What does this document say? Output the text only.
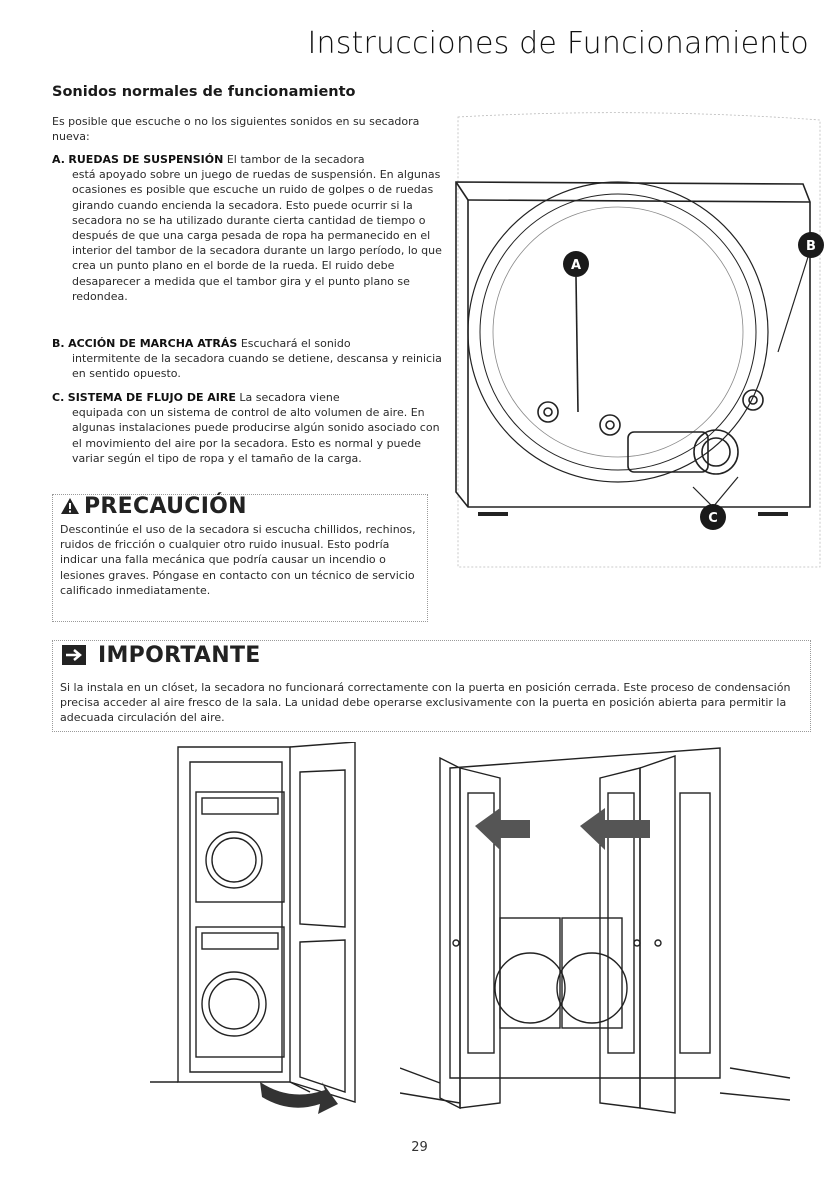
Instrucciones de Funcionamiento
Sonidos normales de funcionamiento
Es posible que escuche o no los siguientes sonidos en su secadora nueva:
A. RUEDAS DE SUSPENSIÓN El tambor de la secadora
está apoyado sobre un juego de ruedas de suspensión. En algunas ocasiones es posible que escuche un ruido de golpes o de ruedas girando cuando encienda la secadora. Esto puede ocurrir si la secadora no se ha utilizado durante cierta cantidad de tiempo o después de que una carga pesada de ropa ha permanecido en el interior del tambor de la secadora durante un largo período, lo que crea un punto plano en el borde de la rueda. El ruido debe desaparecer a medida que el tambor gira y el punto plano se redondea.
B. ACCIÓN DE MARCHA ATRÁS Escuchará el sonido
intermitente de la secadora cuando se detiene, descansa y reinicia en sentido opuesto.
C. SISTEMA DE FLUJO DE AIRE La secadora viene
equipada con un sistema de control de alto volumen de aire. En algunas instalaciones puede producirse algún sonido asociado con el movimiento del aire por la secadora. Esto es normal y puede variar según el tipo de ropa y el tamaño de la carga.
PRECAUCIÓN
Descontinúe el uso de la secadora si escucha chillidos, rechinos, ruidos de fricción o cualquier otro ruido inusual. Esto podría indicar una falla mecánica que podría causar un incendio o lesiones graves. Póngase en contacto con un técnico de servicio calificado inmediatamente.
A
B
C
IMPORTANTE
Si la instala en un clóset, la secadora no funcionará correctamente con la puerta en posición cerrada. Este proceso de condensación precisa acceder al aire fresco de la sala. La unidad debe operarse exclusivamente con la puerta en posición abierta para permitir la adecuada circulación del aire.
29
